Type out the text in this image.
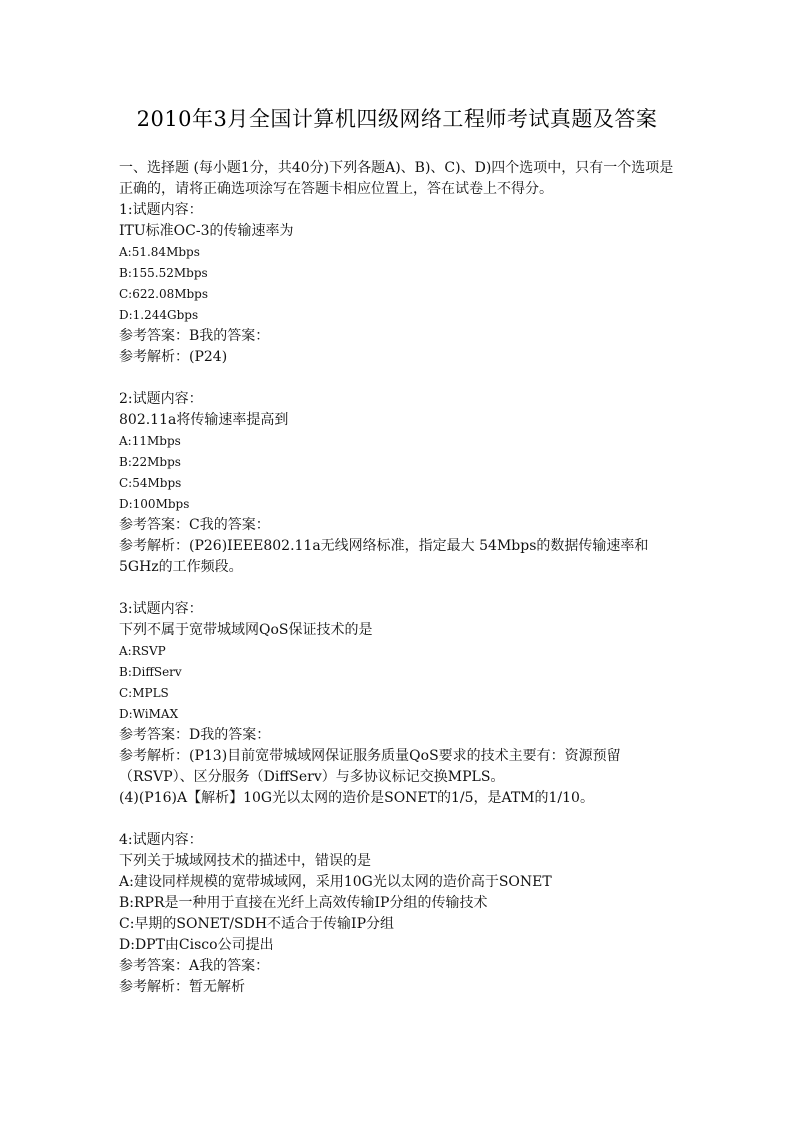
2010年3月全国计算机四级网络工程师考试真题及答案

一、选择题 (每小题1分，共40分)下列各题A)、B)、C)、D)四个选项中，只有一个选项是正确的，请将正确选项涂写在答题卡相应位置上，答在试卷上不得分。

1:试题内容：

ITU标准OC-3的传输速率为

A:51.84Mbps

B:155.52Mbps

C:622.08Mbps

D:1.244Gbps

参考答案：B我的答案：

参考解析：(P24)

2:试题内容：

802.11a将传输速率提高到

A:11Mbps

B:22Mbps

C:54Mbps

D:100Mbps

参考答案：C我的答案：

参考解析：(P26)IEEE802.11a无线网络标准，指定最大 54Mbps的数据传输速率和 5GHz的工作频段。

3:试题内容：

下列不属于宽带城域网QoS保证技术的是

A:RSVP

B:DiffServ

C:MPLS

D:WiMAX

参考答案：D我的答案：

参考解析：(P13)目前宽带城域网保证服务质量QoS要求的技术主要有：资源预留（RSVP）、区分服务（DiffServ）与多协议标记交换MPLS。

(4)(P16)A【解析】10G光以太网的造价是SONET的1/5，是ATM的1/10。

4:试题内容：

下列关于城域网技术的描述中，错误的是

A:建设同样规模的宽带城域网，采用10G光以太网的造价高于SONET

B:RPR是一种用于直接在光纤上高效传输IP分组的传输技术

C:早期的SONET/SDH不适合于传输IP分组

D:DPT由Cisco公司提出

参考答案：A我的答案：

参考解析：暂无解析
